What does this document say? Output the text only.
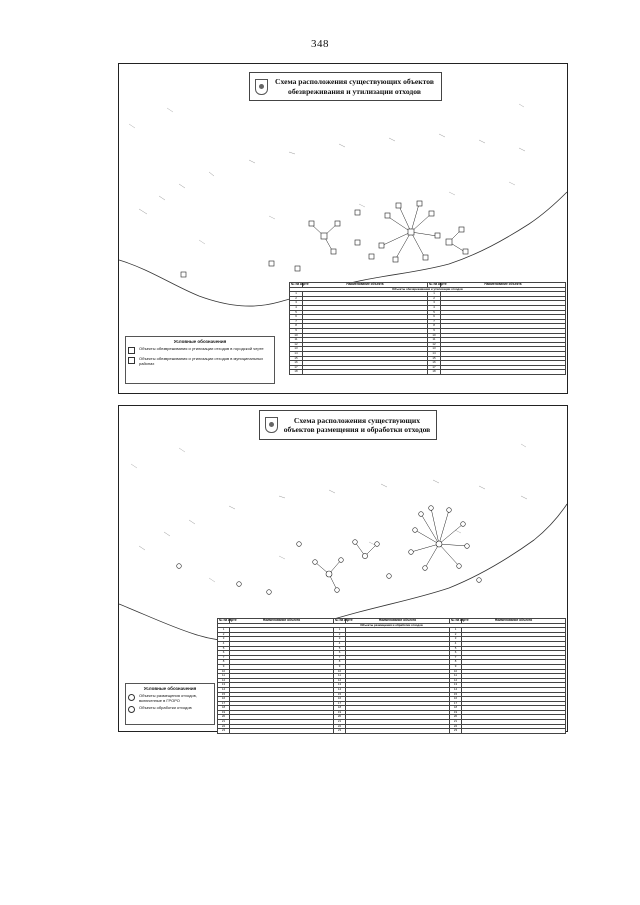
348
Схема расположения существующих объектов
обезвреживания и утилизации отходов
Условные обозначения
Объекты обезвреживания и утилизации отходов в городской черте
Объекты обезвреживания и утилизации отходов в муниципальных районах
№ на карте	Наименование объекта	№ на карте	Наименование объекта
Объекты обезвреживания и утилизации отходов			
1		1	
2		2	
3		3	
4		4	
5		5	
6		6	
7		7	
8		8	
9		9	
10		10	
11		11	
12		12	
13		13	
14		14	
15		15	
16		16	
17		17	
18		18	
Схема расположения существующих
объектов размещения и обработки отходов
Условные обозначения
Объекты размещения отходов, включенные в ГРОРО
Объекты обработки отходов
№ на карте	Наименование объекта	№ на карте	Наименование объекта	№ на карте	Наименование объекта
Объекты размещения и обработки отходов					
1		1		1	
2		2		2	
3		3		3	
4		4		4	
5		5		5	
6		6		6	
7		7		7	
8		8		8	
9		9		9	
10		10		10	
11		11		11	
12		12		12	
13		13		13	
14		14		14	
15		15		15	
16		16		16	
17		17		17	
18		18		18	
19		19		19	
20		20		20	
21		21		21	
22		22		22	
23		23		23	
